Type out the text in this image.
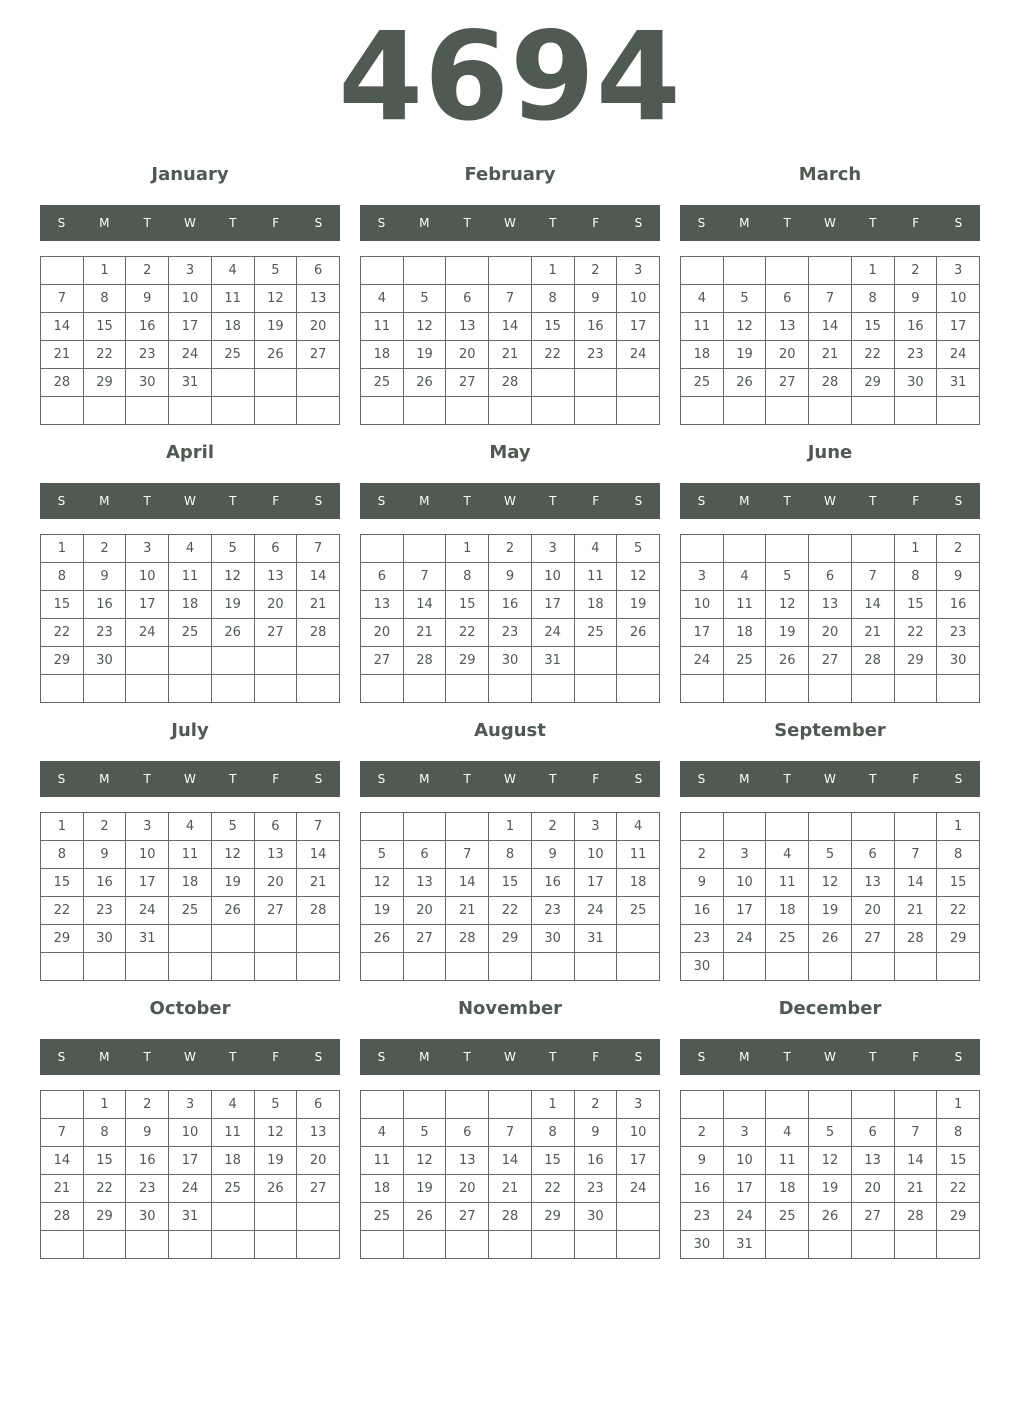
4694
January
S	M	T	W	T	F	S
	1	2	3	4	5	6
7	8	9	10	11	12	13
14	15	16	17	18	19	20
21	22	23	24	25	26	27
28	29	30	31			

February
S	M	T	W	T	F	S
				1	2	3
4	5	6	7	8	9	10
11	12	13	14	15	16	17
18	19	20	21	22	23	24
25	26	27	28			

March
S	M	T	W	T	F	S
				1	2	3
4	5	6	7	8	9	10
11	12	13	14	15	16	17
18	19	20	21	22	23	24
25	26	27	28	29	30	31

April
S	M	T	W	T	F	S
1	2	3	4	5	6	7
8	9	10	11	12	13	14
15	16	17	18	19	20	21
22	23	24	25	26	27	28
29	30					

May
S	M	T	W	T	F	S
		1	2	3	4	5
6	7	8	9	10	11	12
13	14	15	16	17	18	19
20	21	22	23	24	25	26
27	28	29	30	31		

June
S	M	T	W	T	F	S
					1	2
3	4	5	6	7	8	9
10	11	12	13	14	15	16
17	18	19	20	21	22	23
24	25	26	27	28	29	30

July
S	M	T	W	T	F	S
1	2	3	4	5	6	7
8	9	10	11	12	13	14
15	16	17	18	19	20	21
22	23	24	25	26	27	28
29	30	31				

August
S	M	T	W	T	F	S
			1	2	3	4
5	6	7	8	9	10	11
12	13	14	15	16	17	18
19	20	21	22	23	24	25
26	27	28	29	30	31	

September
S	M	T	W	T	F	S
						1
2	3	4	5	6	7	8
9	10	11	12	13	14	15
16	17	18	19	20	21	22
23	24	25	26	27	28	29
30						
October
S	M	T	W	T	F	S
	1	2	3	4	5	6
7	8	9	10	11	12	13
14	15	16	17	18	19	20
21	22	23	24	25	26	27
28	29	30	31			

November
S	M	T	W	T	F	S
				1	2	3
4	5	6	7	8	9	10
11	12	13	14	15	16	17
18	19	20	21	22	23	24
25	26	27	28	29	30	

December
S	M	T	W	T	F	S
						1
2	3	4	5	6	7	8
9	10	11	12	13	14	15
16	17	18	19	20	21	22
23	24	25	26	27	28	29
30	31					
